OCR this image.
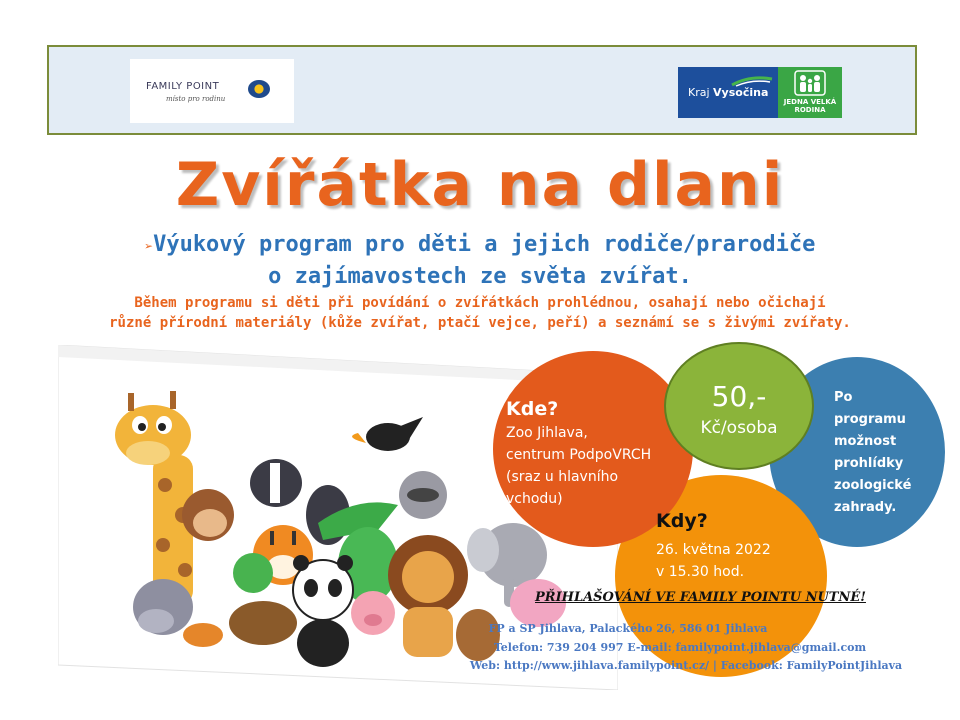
FAMILY POINT
místo pro rodinu	Kraj Vysočina
JEDNA VELKÁ
RODINA
Zvířátka na dlani
➢Výukový program pro děti a jejich rodiče/prarodiče
o zajímavostech ze světa zvířat.
Během programu si děti při povídání o zvířátkách prohlédnou, osahají nebo očichají
různé přírodní materiály (kůže zvířat, ptačí vejce, peří) a seznámí se s živými zvířaty.
Kde?
Zoo Jihlava,
centrum PodpoVRCH
(sraz u hlavního
vchodu)
50,-
Kč/osoba
Po
programu
možnost
prohlídky
zoologické
zahrady.
Kdy?
26. května 2022
v 15.30 hod.
PŘIHLAŠOVÁNÍ VE FAMILY POINTU NUTNÉ!
FP a SP Jihlava, Palackého 26, 586 01 Jihlava
Telefon: 739 204 997 E-mail: familypoint.jihlava@gmail.com
Web: http://www.jihlava.familypoint.cz/ | Facebook: FamilyPointJihlava
